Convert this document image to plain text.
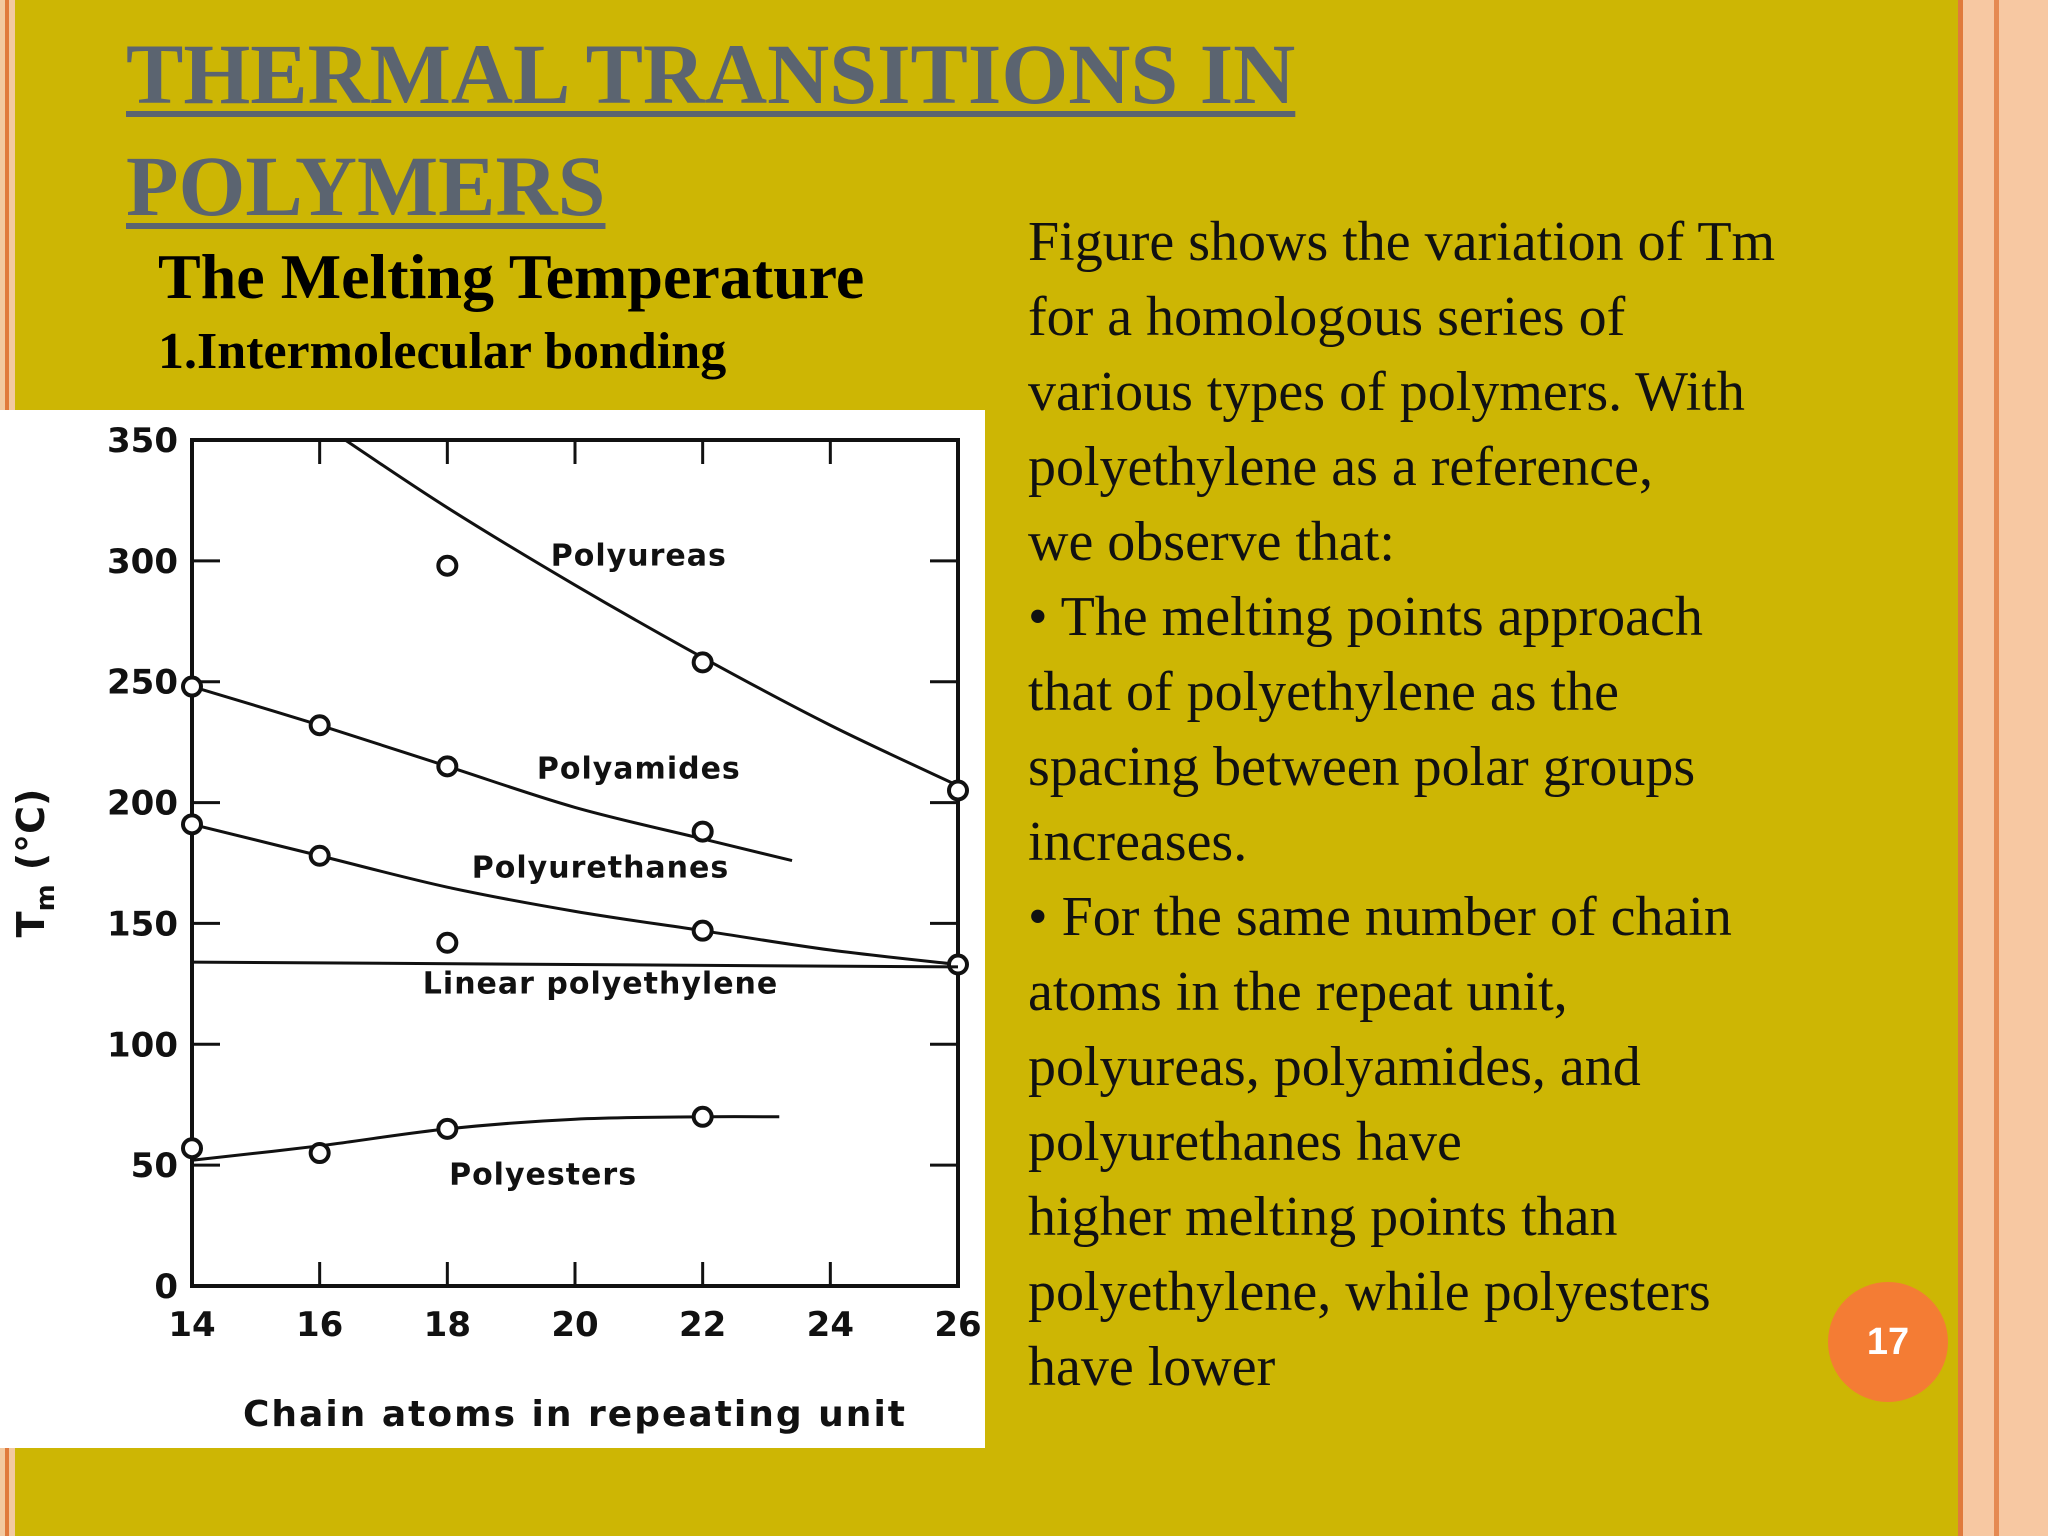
THERMAL TRANSITIONS IN
POLYMERS
The Melting Temperature
1.Intermolecular bonding
0
50
100
150
200
250
300
350
14 16 18 20 22 24 26
Chain atoms in repeating unit
$T_m(^\circ C)$
Polyureas
Polyamides
Polyurethanes
Linear polyethylene
Polyesters

Figure shows the variation of Tm

for a homologous series of

various types of polymers. With

polyethylene as a reference,

we observe that:

• The melting points approach

that of polyethylene as the

spacing between polar groups

increases.

• For the same number of chain

atoms in the repeat unit,

polyureas, polyamides, and

polyurethanes have

higher melting points than

polyethylene, while polyesters

have lower	17
